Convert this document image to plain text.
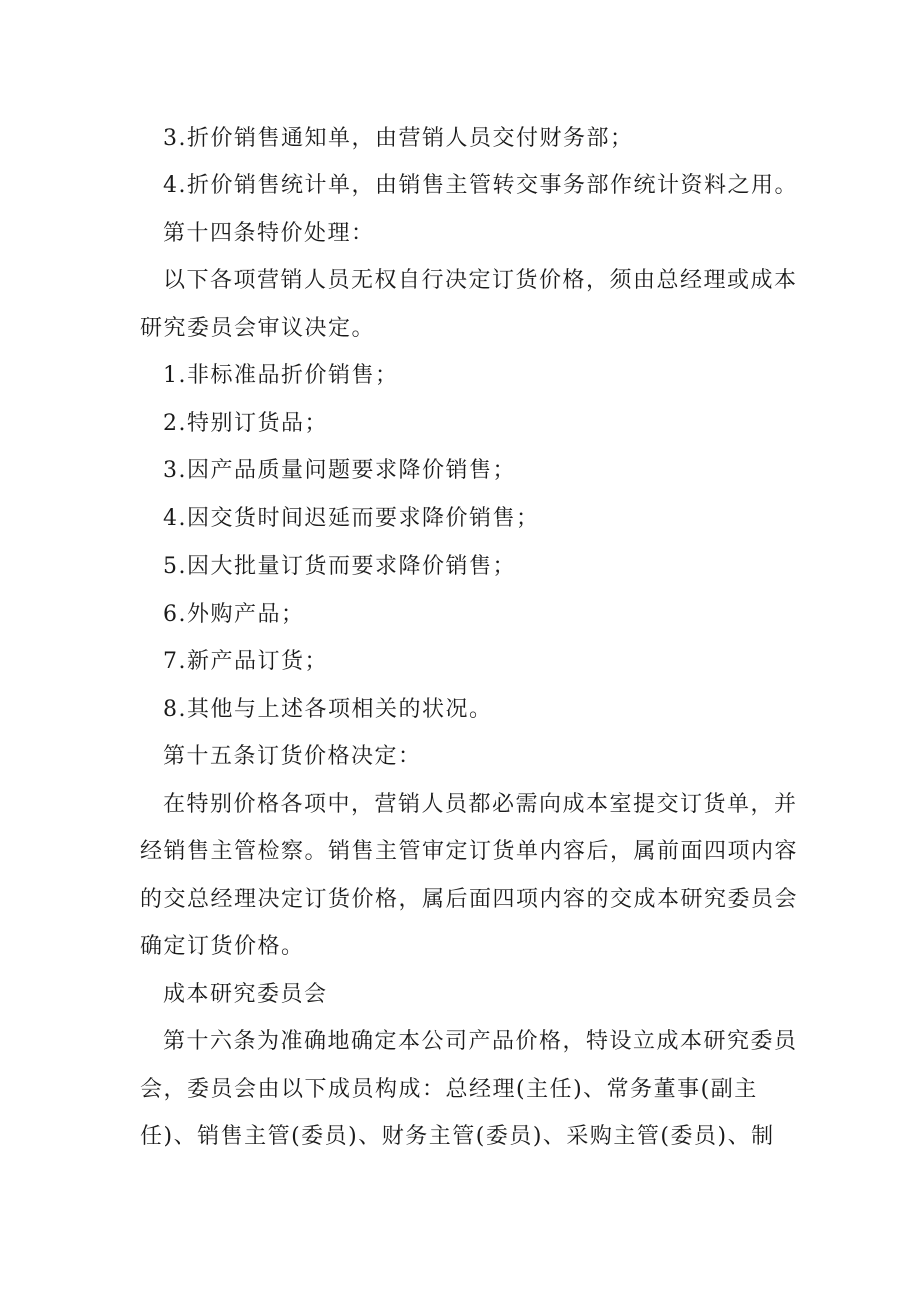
3.折价销售通知单，由营销人员交付财务部；
4.折价销售统计单，由销售主管转交事务部作统计资料之用。
第十四条特价处理：
以下各项营销人员无权自行决定订货价格，须由总经理或成本
研究委员会审议决定。
1.非标准品折价销售；
2.特别订货品；
3.因产品质量问题要求降价销售；
4.因交货时间迟延而要求降价销售；
5.因大批量订货而要求降价销售；
6.外购产品；
7.新产品订货；
8.其他与上述各项相关的状况。
第十五条订货价格决定：
在特别价格各项中，营销人员都必需向成本室提交订货单，并
经销售主管检察。销售主管审定订货单内容后，属前面四项内容
的交总经理决定订货价格，属后面四项内容的交成本研究委员会
确定订货价格。
成本研究委员会
第十六条为准确地确定本公司产品价格，特设立成本研究委员
会，委员会由以下成员构成：总经理(主任)、常务董事(副主
任)、销售主管(委员)、财务主管(委员)、采购主管(委员)、制
